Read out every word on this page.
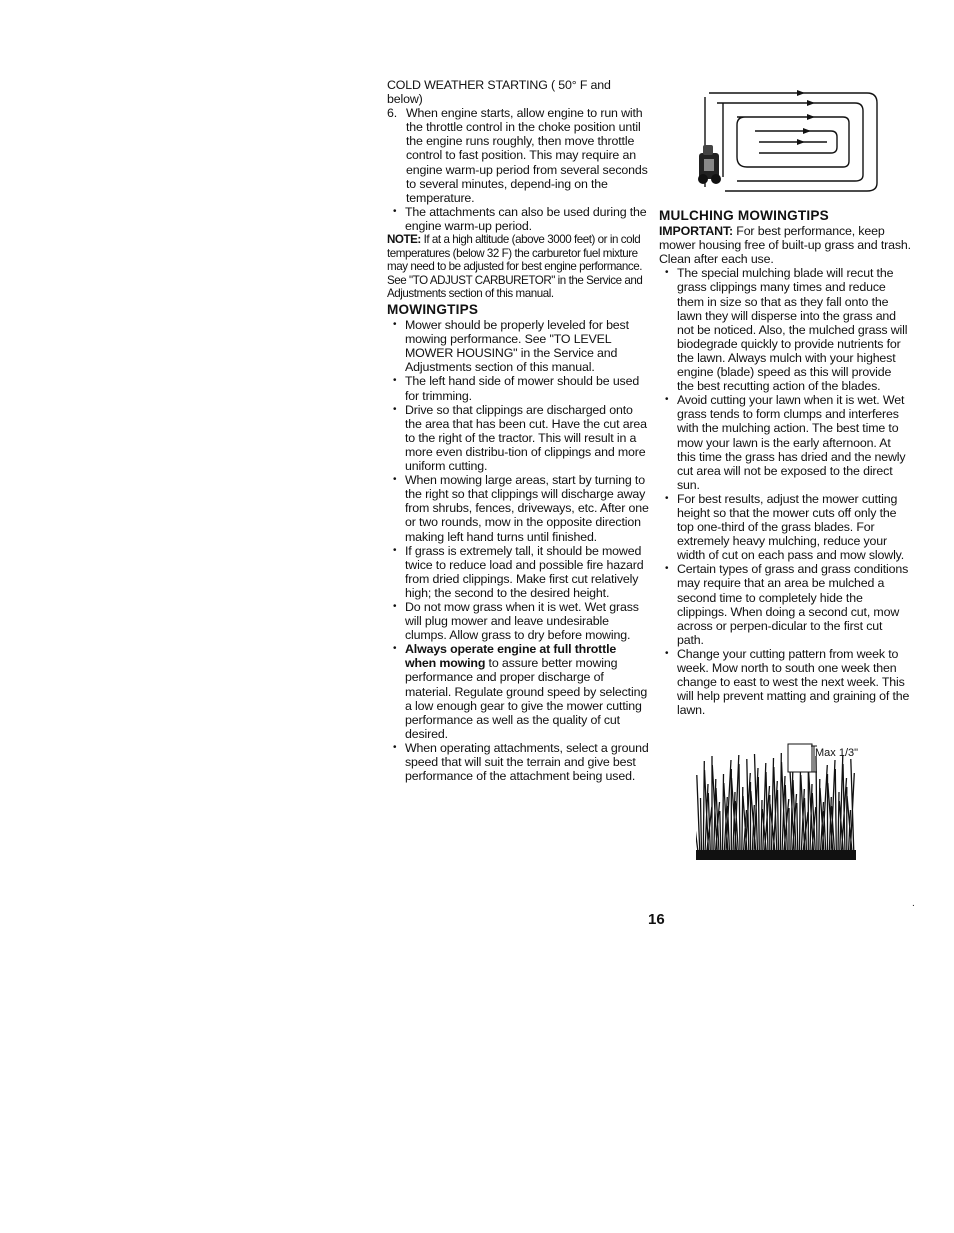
COLD WEATHER STARTING ( 50° F and below)

6. When engine starts, allow engine to run with the throttle control in the choke position until the engine runs roughly, then move throttle control to fast position. This may require an engine warm-up period from several seconds to several minutes, depend-ing on the temperature.
• The attachments can also be used during the engine warm-up period.

NOTE: If at a high altitude (above 3000 feet) or in cold temperatures (below 32 F) the carburetor fuel mixture may need to be adjusted for best engine performance. See "TO ADJUST CARBURETOR" in the Service and Adjustments section of this manual.

MOWINGTIPS

• Mower should be properly leveled for best mowing performance. See "TO LEVEL MOWER HOUSING" in the Service and Adjustments section of this manual.
• The left hand side of mower should be used for trimming.
• Drive so that clippings are discharged onto the area that has been cut. Have the cut area to the right of the tractor. This will result in a more even distribu-tion of clippings and more uniform cutting.
• When mowing large areas, start by turning to the right so that clippings will discharge away from shrubs, fences, driveways, etc. After one or two rounds, mow in the opposite direction making left hand turns until finished.
• If grass is extremely tall, it should be mowed twice to reduce load and possible fire hazard from dried clippings. Make first cut relatively high; the second to the desired height.
• Do not mow grass when it is wet. Wet grass will plug mower and leave undesirable clumps. Allow grass to dry before mowing.
• Always operate engine at full throttle when mowing to assure better mowing performance and proper discharge of material. Regulate ground speed by selecting a low enough gear to give the mower cutting performance as well as the quality of cut desired.
• When operating attachments, select a ground speed that will suit the terrain and give best performance of the attachment being used.

MULCHING MOWINGTIPS

IMPORTANT: For best performance, keep mower housing free of built-up grass and trash. Clean after each use.

• The special mulching blade will recut the grass clippings many times and reduce them in size so that as they fall onto the lawn they will disperse into the grass and not be noticed. Also, the mulched grass will biodegrade quickly to provide nutrients for the lawn. Always mulch with your highest engine (blade) speed as this will provide the best recutting action of the blades.
• Avoid cutting your lawn when it is wet. Wet grass tends to form clumps and interferes with the mulching action. The best time to mow your lawn is the early afternoon. At this time the grass has dried and the newly cut area will not be exposed to the direct sun.
• For best results, adjust the mower cutting height so that the mower cuts off only the top one-third of the grass blades. For extremely heavy mulching, reduce your width of cut on each pass and mow slowly.
• Certain types of grass and grass conditions may require that an area be mulched a second time to completely hide the clippings. When doing a second cut, mow across or perpen-dicular to the first cut path.
• Change your cutting pattern from week to week. Mow north to south one week then change to east to west the next week. This will help prevent matting and graining of the lawn.
Max 1/3"
16
.
